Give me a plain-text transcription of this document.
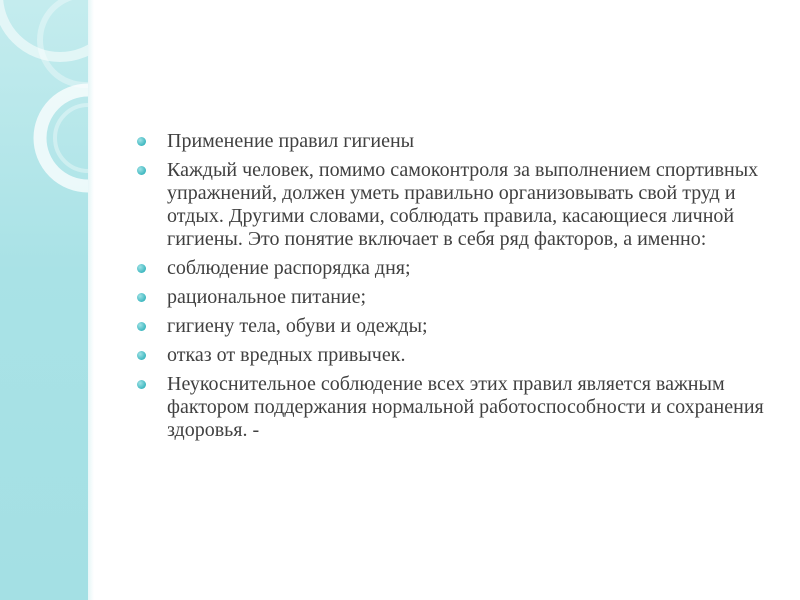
Применение правил гигиены
Каждый человек, помимо самоконтроля за выполнением спортивных упражнений, должен уметь правильно организовывать свой труд и отдых. Другими словами, соблюдать правила, касающиеся личной гигиены. Это понятие включает в себя ряд факторов, а именно:
соблюдение распорядка дня;
рациональное питание;
гигиену тела, обуви и одежды;
отказ от вредных привычек.
Неукоснительное соблюдение всех этих правил является важным фактором поддержания нормальной работоспособности и сохранения здоровья. -
